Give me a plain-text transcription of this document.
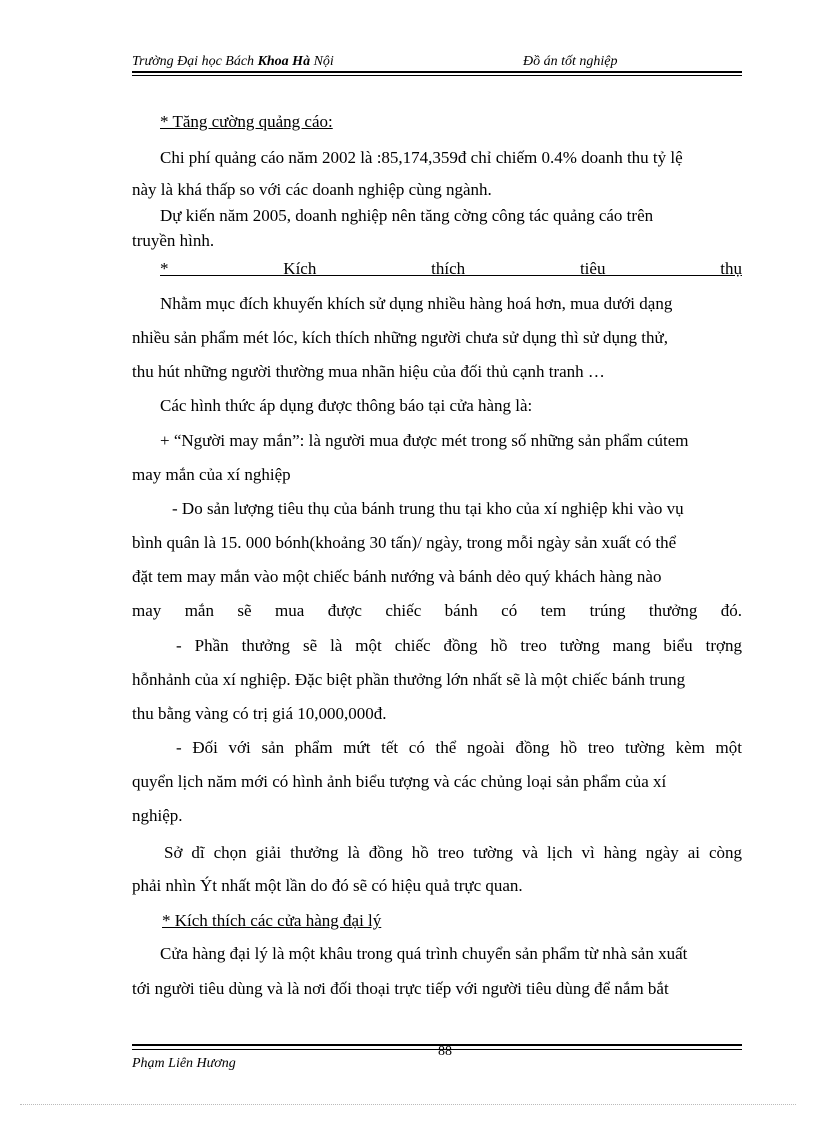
Trường Đại học Bách Khoa Hà Nội	Đồ án tốt nghiệp
* Tăng cường quảng cáo:
Chi phí quảng cáo năm 2002 là :85,174,359đ chỉ chiếm 0.4% doanh thu tỷ lệ
này là khá thấp so với các doanh nghiệp cùng ngành.
Dự kiến năm 2005, doanh nghiệp nên tăng cờng công tác quảng cáo trên
truyền hình.
* Kích thích tiêu thụ
Nhằm mục đích khuyến khích sử dụng nhiều hàng hoá hơn, mua dưới dạng
nhiều sản phẩm mét lóc, kích thích những người chưa sử dụng thì sử dụng thử,
thu hút những người thường mua nhãn hiệu của đối thủ cạnh tranh …
Các hình thức áp dụng được thông báo tại cửa hàng là:
+ “Người may mắn”: là người mua được mét trong số những sản phẩm cútem
may mắn của xí nghiệp
- Do sản lượng tiêu thụ của bánh trung thu tại kho của xí nghiệp khi vào vụ
bình quân là 15. 000 bónh(khoảng 30 tấn)/ ngày, trong mỗi ngày sản xuất có thể
đặt tem may mắn vào một chiếc bánh nướng và bánh dẻo quý khách hàng nào
may mắn sẽ mua được chiếc bánh có tem trúng thưởng đó.
- Phần thưởng sẽ là một chiếc đồng hồ treo tường mang biểu trợng
hỗnhảnh của xí nghiệp. Đặc biệt phần thưởng lớn nhất sẽ là một chiếc bánh trung
thu bằng vàng có trị giá 10,000,000đ.
- Đối với sản phẩm mứt tết có thể ngoài đồng hồ treo tường kèm một
quyển lịch năm mới có hình ảnh biểu tượng và các chủng loại sản phẩm của xí
nghiệp.
Sở dĩ chọn giải thưởng là đồng hồ treo tường và lịch vì hàng ngày ai còng
phải nhìn Ýt nhất một lần do đó sẽ có hiệu quả trực quan.
* Kích thích các cửa hàng đại lý
Cửa hàng đại lý là một khâu trong quá trình chuyển sản phẩm từ nhà sản xuất
tới người tiêu dùng và là nơi đối thoại trực tiếp với người tiêu dùng để nắm bắt
88
Phạm Liên Hương
